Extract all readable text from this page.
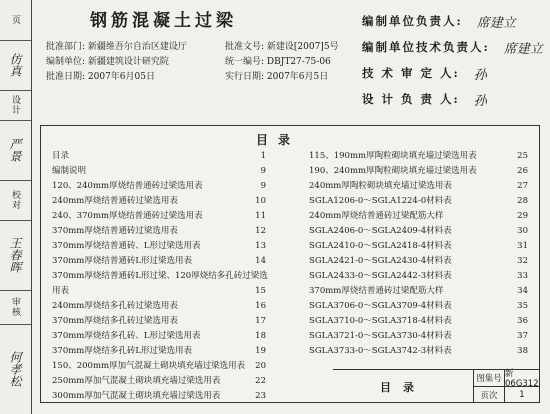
页
仿真
设计
严景
校对
王春晖
审核
何孝松
钢筋混凝土过梁
批准部门: 新疆维吾尔自治区建设厅
编制单位: 新疆建筑设计研究院
批准日期: 2007年6月05日
批准文号: 新建设[2007]5号
统一编号: DBJT27-75-06
实行日期: 2007年6月5日
编制单位负责人: 席建立
编制单位技术负责人: 席建立
技 术 审 定 人: 孙
设 计 负 责 人: 孙
目录
目录	1
编制说明	9
120、240mm厚烧结普通砖过梁选用表	9
240mm厚烧结普通砖过梁选用表	10
240、370mm厚烧结普通砖过梁选用表	11
370mm厚烧结普通砖过梁选用表	12
370mm厚烧结普通砖、L形过梁选用表	13
370mm厚烧结普通砖L形过梁选用表	14
370mm厚烧结普通砖L形过梁、120厚烧结多孔砖过梁选
用表	15
240mm厚烧结多孔砖过梁选用表	16
370mm厚烧结多孔砖过梁选用表	17
370mm厚烧结多孔砖、L形过梁选用表	18
370mm厚烧结多孔砖L形过梁选用表	19
150、200mm厚加气混凝土砌块填充墙过梁选用表 20
250mm厚加气混凝土砌块填充墙过梁选用表	22
300mm厚加气混凝土砌块填充墙过梁选用表	23
115、190mm厚陶粒砌块填充墙过梁选用表	25
190、240mm厚陶粒砌块填充墙过梁选用表	26
240mm厚陶粒砌块填充墙过梁选用表	27
SGLA1206-0～SGLA1224-0材料表	28
240mm厚烧结普通砖过梁配筋大样	29
SGLA2406-0～SGLA2409-4材料表	30
SGLA2410-0～SGLA2418-4材料表	31
SGLA2421-0～SGLA2430-4材料表	32
SGLA2433-0～SGLA2442-3材料表	33
370mm厚烧结普通砖过梁配筋大样	34
SGLA3706-0～SGLA3709-4材料表	35
SGLA3710-0～SGLA3718-4材料表	36
SGLA3721-0～SGLA3730-4材料表	37
SGLA3733-0～SGLA3742-3材料表	38
目录
图集号 新06G312
页次	1
